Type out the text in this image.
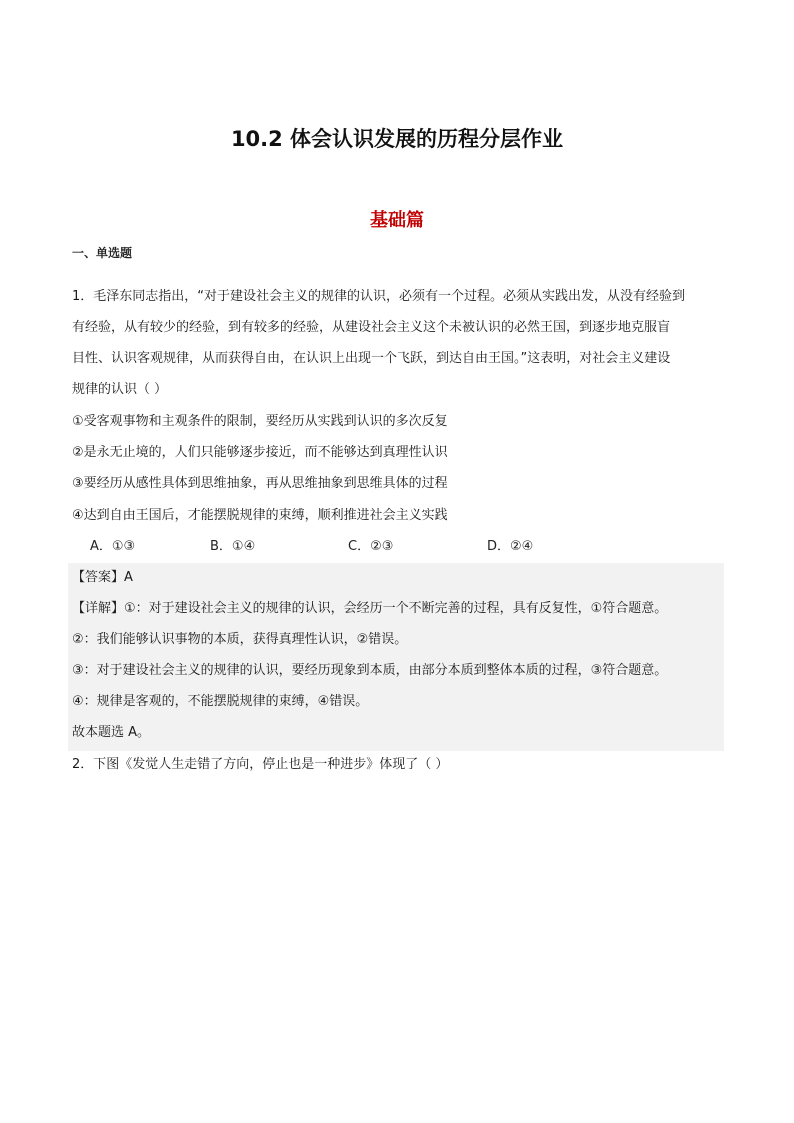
10.2 体会认识发展的历程分层作业
基础篇
一、单选题
1．毛泽东同志指出，“对于建设社会主义的规律的认识，必须有一个过程。必须从实践出发，从没有经验到
有经验，从有较少的经验，到有较多的经验，从建设社会主义这个未被认识的必然王国，到逐步地克服盲
目性、认识客观规律，从而获得自由，在认识上出现一个飞跃，到达自由王国。”这表明，对社会主义建设
规律的认识（ ）
①受客观事物和主观条件的限制，要经历从实践到认识的多次反复
②是永无止境的，人们只能够逐步接近，而不能够达到真理性认识
③要经历从感性具体到思维抽象，再从思维抽象到思维具体的过程
④达到自由王国后，才能摆脱规律的束缚，顺利推进社会主义实践
A．①③	B．①④	C．②③	D．②④
【答案】A
【详解】①：对于建设社会主义的规律的认识，会经历一个不断完善的过程，具有反复性，①符合题意。
②：我们能够认识事物的本质，获得真理性认识，②错误。
③：对于建设社会主义的规律的认识，要经历现象到本质，由部分本质到整体本质的过程，③符合题意。
④：规律是客观的，不能摆脱规律的束缚，④错误。
故本题选 A。
2．下图《发觉人生走错了方向，停止也是一种进步》体现了（ ）
